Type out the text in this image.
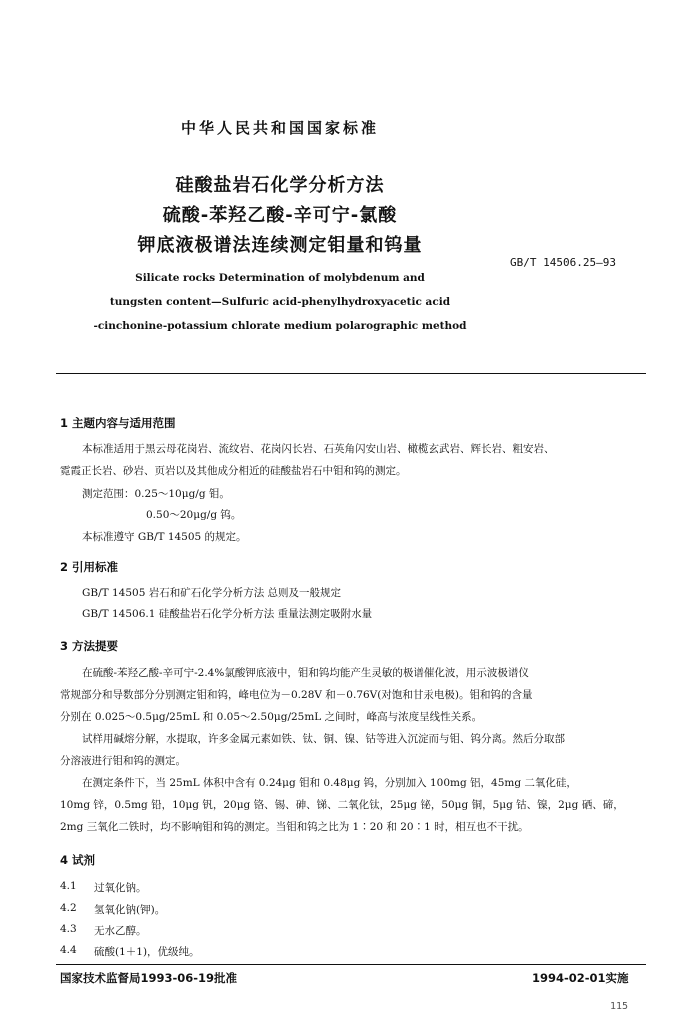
中华人民共和国国家标准
硅酸盐岩石化学分析方法
硫酸-苯羟乙酸-辛可宁-氯酸
钾底液极谱法连续测定钼量和钨量
GB/T 14506.25—93
Silicate rocks Determination of molybdenum and
tungsten content—Sulfuric acid-phenylhydroxyacetic acid
-cinchonine-potassium chlorate medium polarographic method
1 主题内容与适用范围
本标准适用于黑云母花岗岩、流纹岩、花岗闪长岩、石英角闪安山岩、橄榄玄武岩、辉长岩、粗安岩、
霓霞正长岩、砂岩、页岩以及其他成分相近的硅酸盐岩石中钼和钨的测定。
测定范围：0.25～10μg/g 钼。
0.50～20μg/g 钨。
本标准遵守 GB/T 14505 的规定。
2 引用标准
GB/T 14505 岩石和矿石化学分析方法 总则及一般规定
GB/T 14506.1 硅酸盐岩石化学分析方法 重量法测定吸附水量
3 方法提要
在硫酸-苯羟乙酸-辛可宁-2.4%氯酸钾底液中，钼和钨均能产生灵敏的极谱催化波，用示波极谱仪
常规部分和导数部分分别测定钼和钨，峰电位为－0.28V 和－0.76V(对饱和甘汞电极)。钼和钨的含量
分别在 0.025～0.5μg/25mL 和 0.05～2.50μg/25mL 之间时，峰高与浓度呈线性关系。
试样用碱熔分解，水提取，许多金属元素如铁、钛、铜、镍、钴等进入沉淀而与钼、钨分离。然后分取部
分溶液进行钼和钨的测定。
在测定条件下，当 25mL 体积中含有 0.24μg 钼和 0.48μg 钨，分别加入 100mg 铝，45mg 二氧化硅，
10mg 锌，0.5mg 铅，10μg 钒，20μg 铬、锡、砷、锑、二氧化钛，25μg 铋，50μg 铜，5μg 钴、镍，2μg 硒、碲，
2mg 三氧化二铁时，均不影响钼和钨的测定。当钼和钨之比为 1∶20 和 20∶1 时，相互也不干扰。
4 试剂
4.1 过氧化钠。
4.2 氢氧化钠(钾)。
4.3 无水乙醇。
4.4 硫酸(1＋1)，优级纯。
国家技术监督局1993-06-19批准	1994-02-01实施
115
